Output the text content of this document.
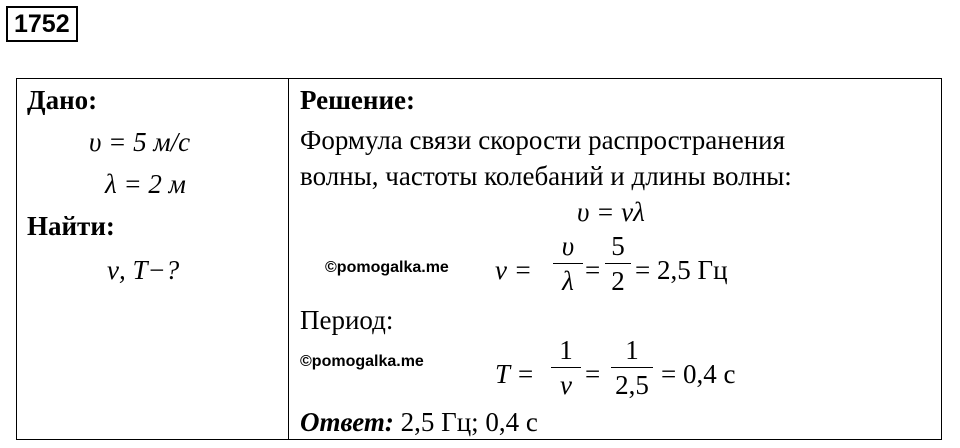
1752
Дано:
υ = 5 м/с
λ = 2 м
Найти:
ν, T−?
Решение:
Формула связи скорости распространения
волны, частоты колебаний и длины волны:
υ = νλ
©pomogalka.me ν =
υ
λ =
5
2 = 2,5 Гц
Период:
©pomogalka.me	T =
1
ν =
1
2,5 = 0,4 с
Ответ: 2,5 Гц; 0,4 с
